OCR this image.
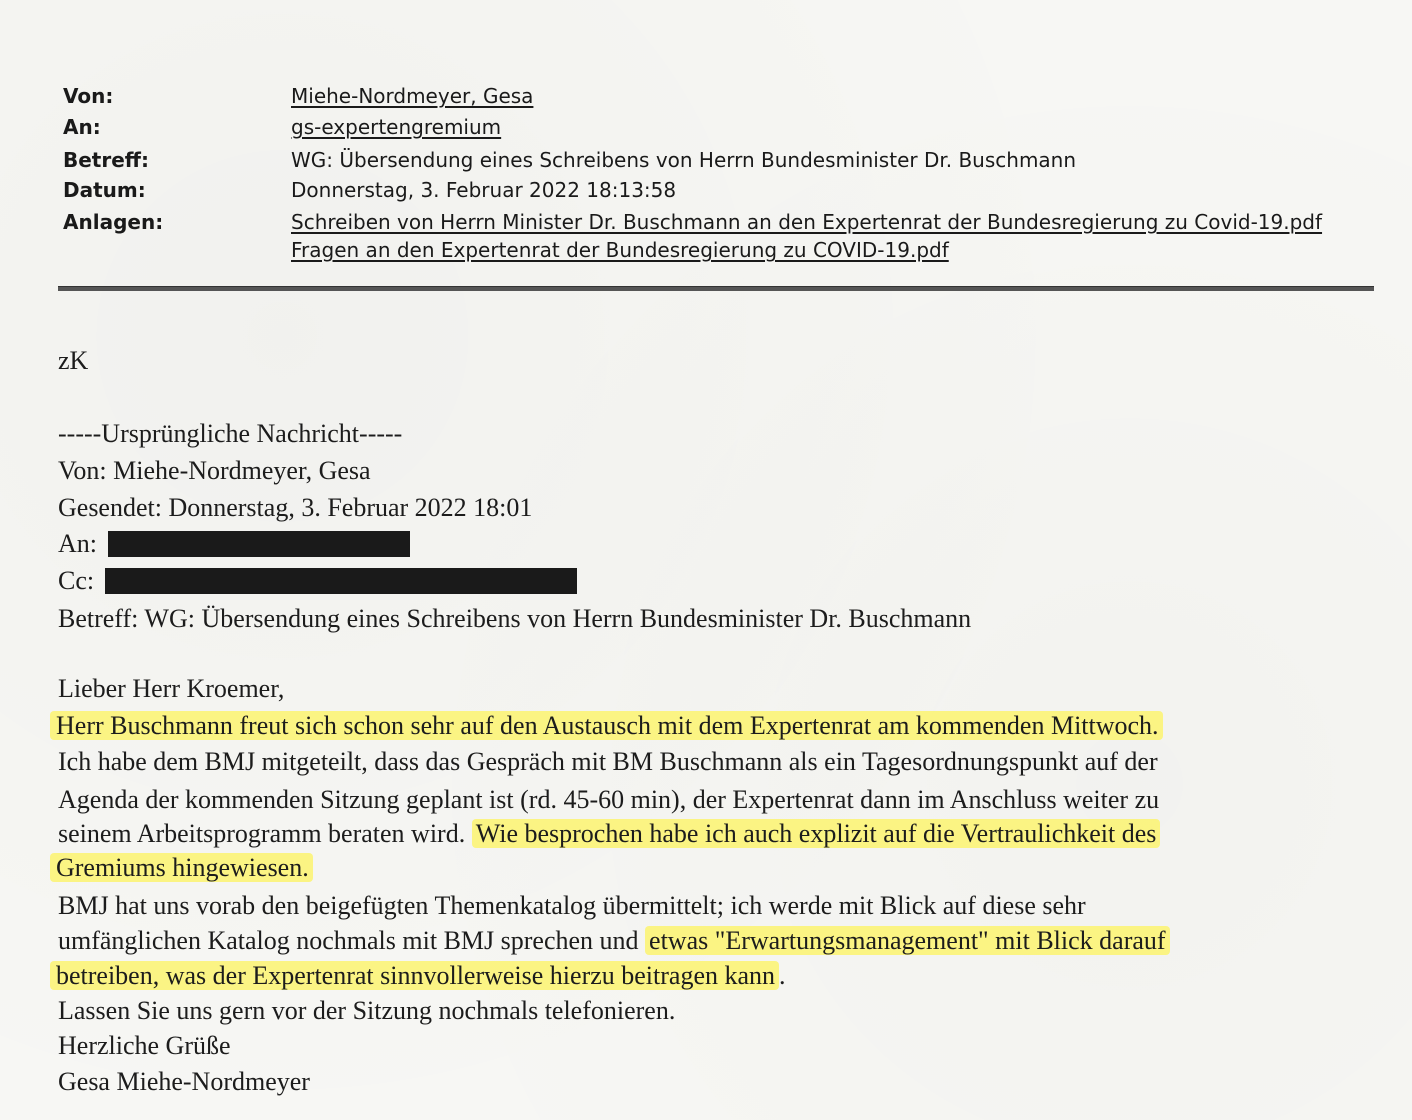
Von:	Miehe-Nordmeyer, Gesa
An:	gs-expertengremium
Betreff:	WG: Übersendung eines Schreibens von Herrn Bundesminister Dr. Buschmann
Datum:	Donnerstag, 3. Februar 2022 18:13:58
Anlagen:	Schreiben von Herrn Minister Dr. Buschmann an den Expertenrat der Bundesregierung zu Covid-19.pdf
Fragen an den Expertenrat der Bundesregierung zu COVID-19.pdf
zK
-----Ursprüngliche Nachricht-----
Von: Miehe-Nordmeyer, Gesa
Gesendet: Donnerstag, 3. Februar 2022 18:01
An:
Cc:
Betreff: WG: Übersendung eines Schreibens von Herrn Bundesminister Dr. Buschmann
Lieber Herr Kroemer,
Herr Buschmann freut sich schon sehr auf den Austausch mit dem Expertenrat am kommenden Mittwoch.
Ich habe dem BMJ mitgeteilt, dass das Gespräch mit BM Buschmann als ein Tagesordnungspunkt auf der
Agenda der kommenden Sitzung geplant ist (rd. 45-60 min), der Expertenrat dann im Anschluss weiter zu
seinem Arbeitsprogramm beraten wird. Wie besprochen habe ich auch explizit auf die Vertraulichkeit des
Gremiums hingewiesen.
BMJ hat uns vorab den beigefügten Themenkatalog übermittelt; ich werde mit Blick auf diese sehr
umfänglichen Katalog nochmals mit BMJ sprechen und etwas "Erwartungsmanagement" mit Blick darauf
betreiben, was der Expertenrat sinnvollerweise hierzu beitragen kann .
Lassen Sie uns gern vor der Sitzung nochmals telefonieren.
Herzliche Grüße
Gesa Miehe-Nordmeyer
